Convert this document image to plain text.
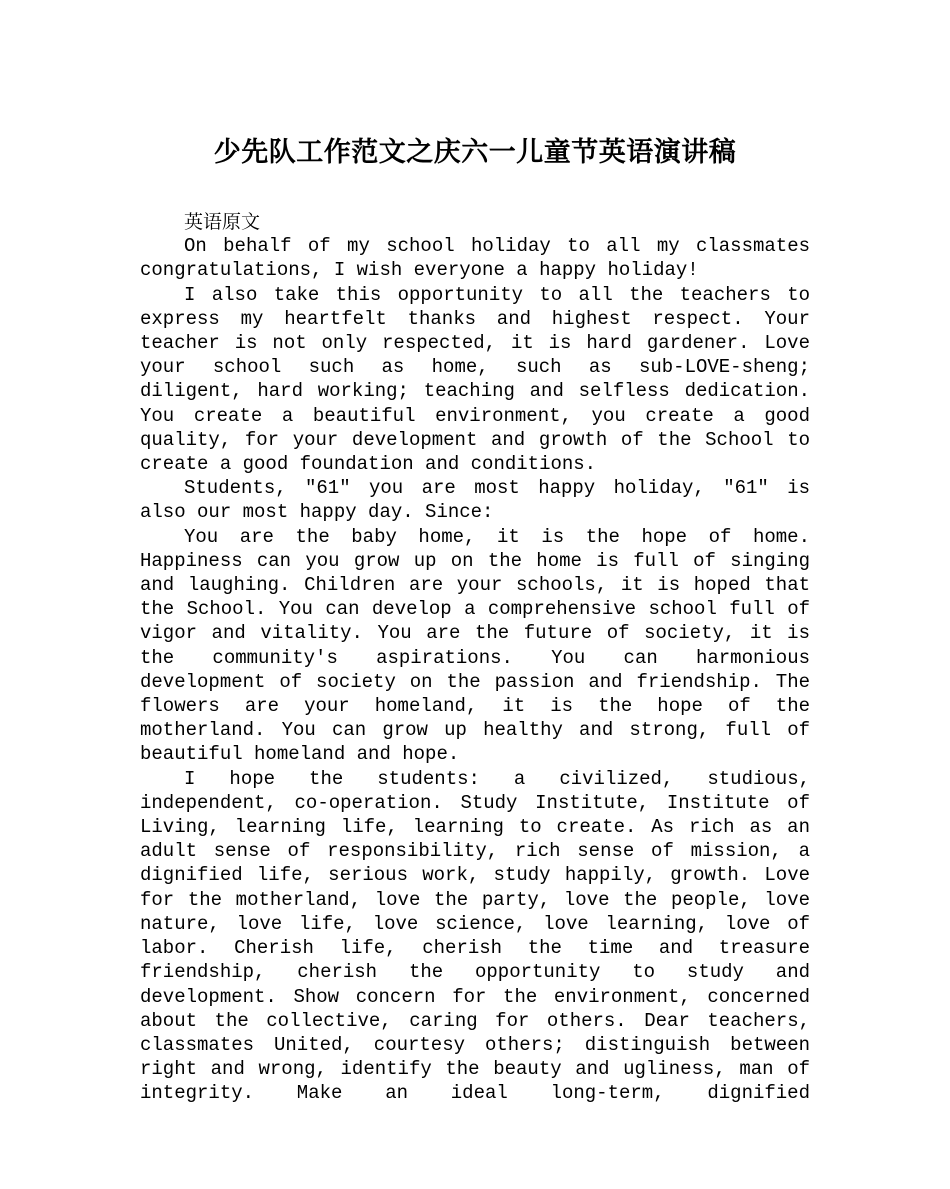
少先队工作范文之庆六一儿童节英语演讲稿

英语原文

On behalf of my school holiday to all my classmates congratulations, I wish everyone a happy holiday!

I also take this opportunity to all the teachers to express my heartfelt thanks and highest respect. Your teacher is not only respected, it is hard gardener. Love your school such as home, such as sub-LOVE-sheng; diligent, hard working; teaching and selfless dedication. You create a beautiful environment, you create a good quality, for your development and growth of the School to create a good foundation and conditions.

Students, "61" you are most happy holiday, "61" is also our most happy day. Since:

You are the baby home, it is the hope of home. Happiness can you grow up on the home is full of singing and laughing. Children are your schools, it is hoped that the School. You can develop a comprehensive school full of vigor and vitality. You are the future of society, it is the community's aspirations. You can harmonious development of society on the passion and friendship. The flowers are your homeland, it is the hope of the motherland. You can grow up healthy and strong, full of beautiful homeland and hope.

I hope the students: a civilized, studious, independent, co-operation. Study Institute, Institute of Living, learning life, learning to create. As rich as an adult sense of responsibility, rich sense of mission, a dignified life, serious work, study happily, growth. Love for the motherland, love the party, love the people, love nature, love life, love science, love learning, love of labor. Cherish life, cherish the time and treasure friendship, cherish the opportunity to study and development. Show concern for the environment, concerned about the collective, caring for others. Dear teachers, classmates United, courtesy others; distinguish between right and wrong, identify the beauty and ugliness, man of integrity. Make an ideal long-term, dignified
